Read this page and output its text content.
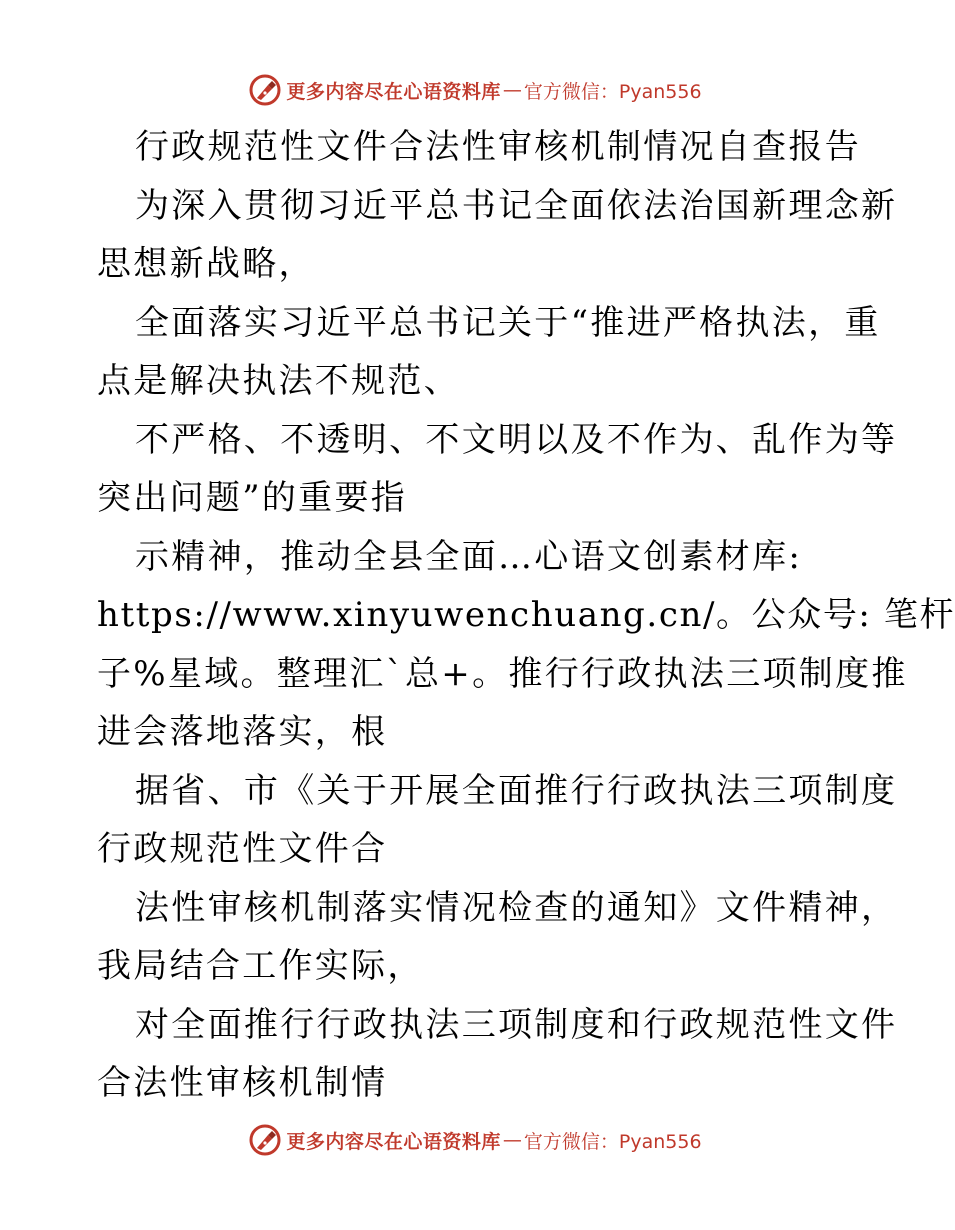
更多内容尽在心语资料库 — 官方微信：Pyan556
行政规范性文件合法性审核机制情况自查报告
为深入贯彻习近平总书记全面依法治国新理念新
思想新战略，
全面落实习近平总书记关于“推进严格执法，重
点是解决执法不规范、
不严格、不透明、不文明以及不作为、乱作为等
突出问题”的重要指
示精神，推动全县全面…心语文创素材库:
https://www.xinyuwenchuang.cn/。公众号: 笔杆
子%星域。整理汇`总+。推行行政执法三项制度推
进会落地落实，根
据省、市《关于开展全面推行行政执法三项制度
行政规范性文件合
法性审核机制落实情况检查的通知》文件精神，
我局结合工作实际，
对全面推行行政执法三项制度和行政规范性文件
合法性审核机制情
更多内容尽在心语资料库 — 官方微信：Pyan556
